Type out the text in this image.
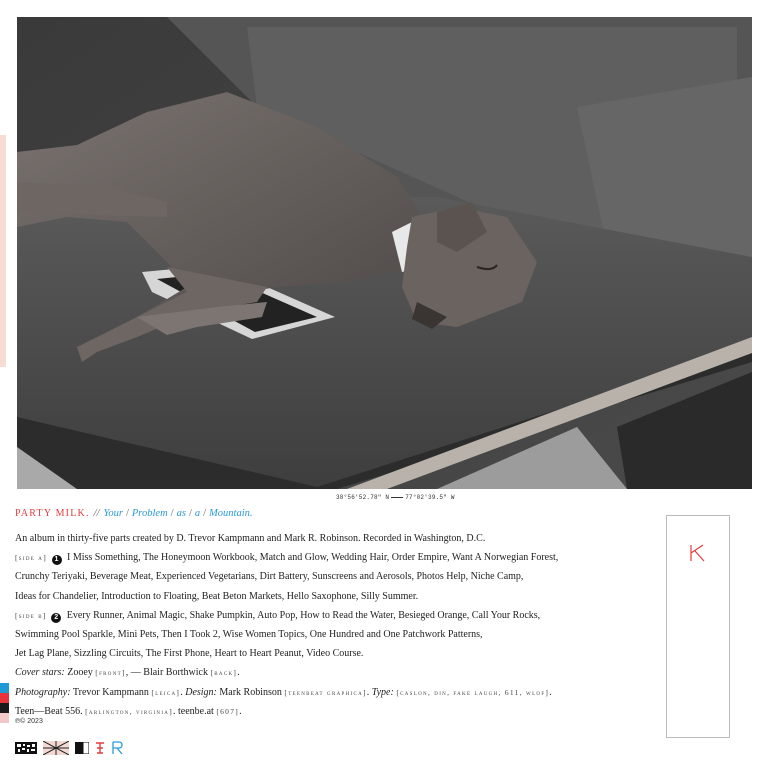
38°56'52.78" N	77°02'39.5" W
PARTY MILK. // Your / Problem / as / a / Mountain.
An album in thirty-five parts created by D. Trevor Kampmann and Mark R. Robinson. Recorded in Washington, D.C.
[side a] 1 I Miss Something, The Honeymoon Workbook, Match and Glow, Wedding Hair, Order Empire, Want A Norwegian Forest,
Crunchy Teriyaki, Beverage Meat, Experienced Vegetarians, Dirt Battery, Sunscreens and Aerosols, Photos Help, Niche Camp,
Ideas for Chandelier, Introduction to Floating, Beat Beton Markets, Hello Saxophone, Silly Summer.
[side b] 2 Every Runner, Animal Magic, Shake Pumpkin, Auto Pop, How to Read the Water, Besieged Orange, Call Your Rocks,
Swimming Pool Sparkle, Mini Pets, Then I Took 2, Wise Women Topics, One Hundred and One Patchwork Patterns,
Jet Lag Plane, Sizzling Circuits, The First Phone, Heart to Heart Peanut, Video Course.
Cover stars: Zooey [front], — Blair Borthwick [back].
Photography: Trevor Kampmann [leica]. Design: Mark Robinson [teenbeat graphica]. Type: [caslon, din, fake laugh, 611, wlof].
Teen—Beat 556. [arlington, virginia]. teenbe.at [607].
℗© 2023
